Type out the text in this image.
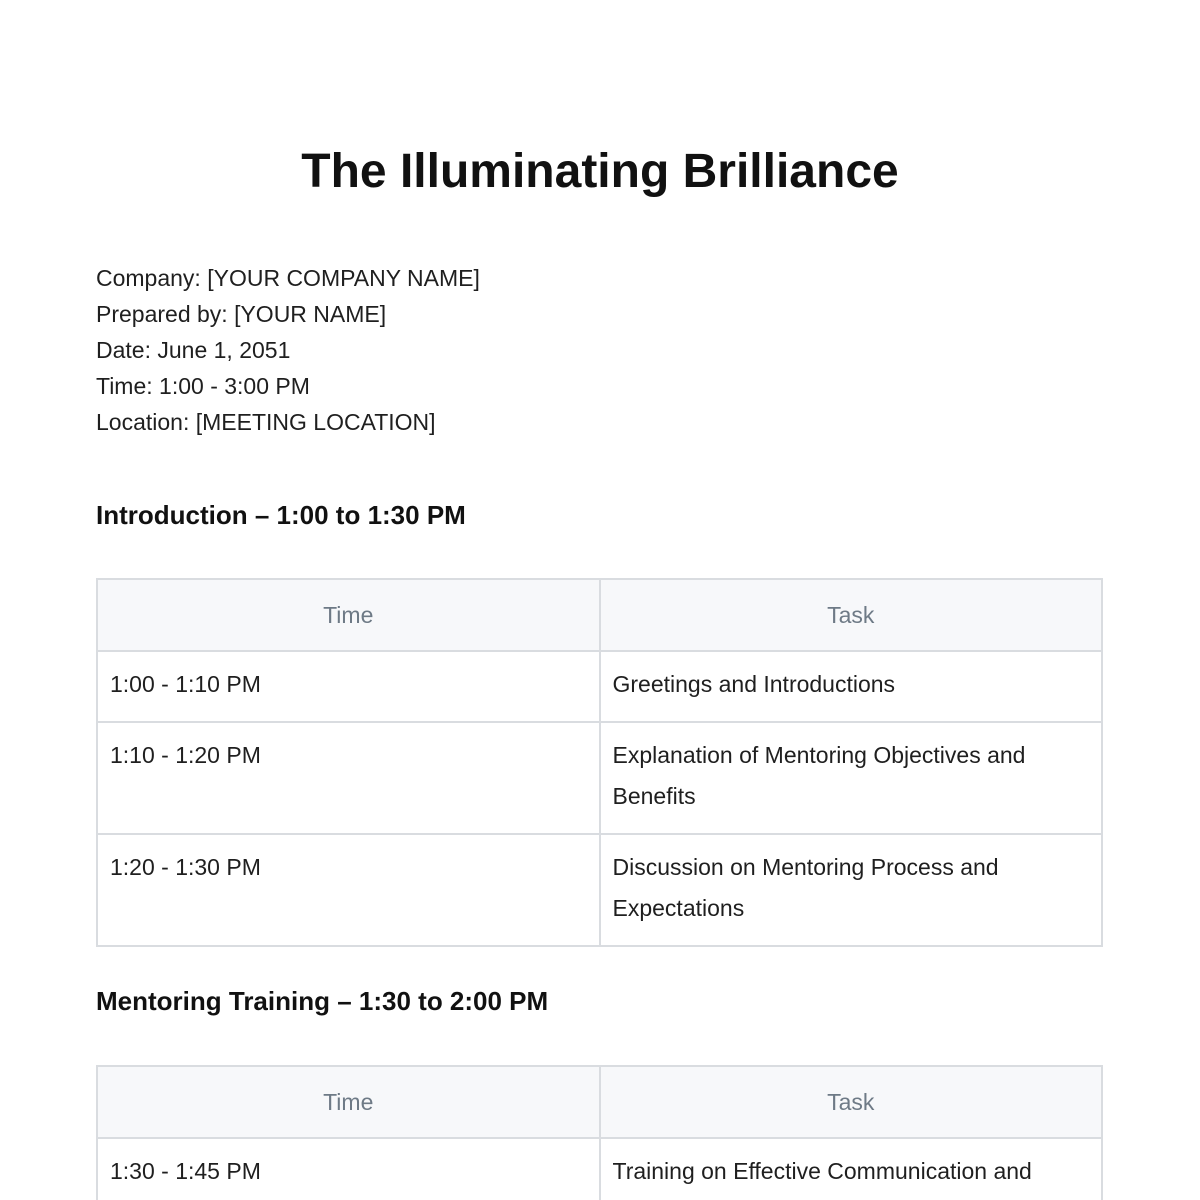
The Illuminating Brilliance
Company: [YOUR COMPANY NAME]
Prepared by: [YOUR NAME]
Date: June 1, 2051
Time: 1:00 - 3:00 PM
Location: [MEETING LOCATION]
Introduction – 1:00 to 1:30 PM
Time	Task

1:00 - 1:10 PM	Greetings and Introductions

1:10 - 1:20 PM	Explanation of Mentoring Objectives and Benefits

1:20 - 1:30 PM	Discussion on Mentoring Process and Expectations
Mentoring Training – 1:30 to 2:00 PM
Time	Task

1:30 - 1:45 PM	Training on Effective Communication and
